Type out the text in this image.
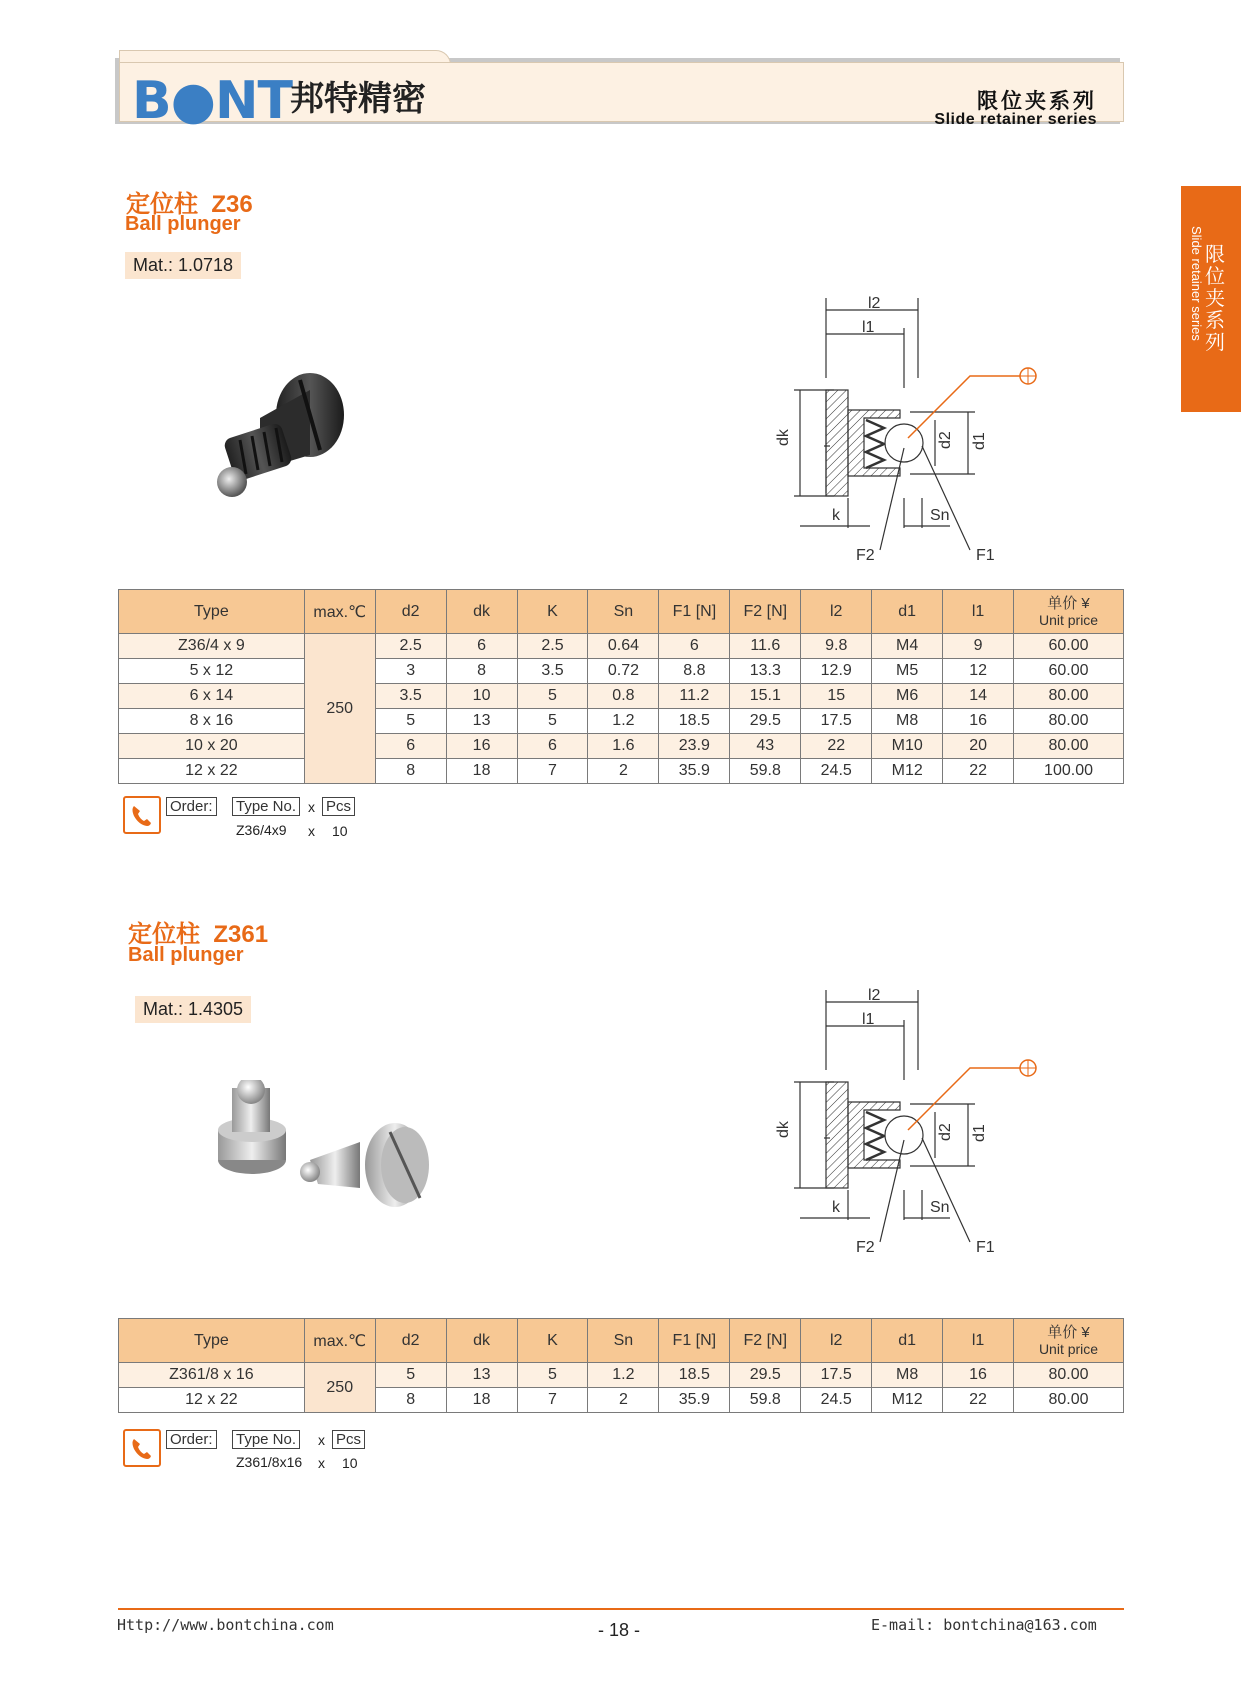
B●NT
邦特精密	限位夹系列
Slide retainer series
Slide retainer series 限位夹系列
定位柱 Z36
Ball plunger
Mat.: 1.0718
l2
l1
dk	d2 d1
k	Sn
F2	F1
Type	max.℃	d2	dk	K	Sn	F1 [N]	F2 [N]	l2	d1	l1	单价 ¥
Unit price

Z36/4 x 9	250	2.5	6	2.5	0.64	6	11.6	9.8	M4	9	60.00
5 x 12		3	8	3.5	0.72	8.8	13.3	12.9	M5	12	60.00
6 x 14		3.5	10	5	0.8	11.2	15.1	15	M6	14	80.00
8 x 16		5	13	5	1.2	18.5	29.5	17.5	M8	16	80.00
10 x 20		6	16	6	1.6	23.9	43	22	M10	20	80.00
12 x 22		8	18	7	2	35.9	59.8	24.5	M12	22	100.00
Order: Type No. x Pcs
Z36/4x9 x 10
定位柱 Z361
Ball plunger
Mat.: 1.4305
l2
l1
dk	d2 d1
k	Sn
F2	F1
Type	max.℃	d2	dk	K	Sn	F1 [N]	F2 [N]	l2	d1	l1	单价 ¥
Unit price

Z361/8 x 16	250	5	13	5	1.2	18.5	29.5	17.5	M8	16	80.00
12 x 22		8	18	7	2	35.9	59.8	24.5	M12	22	80.00
Order: Type No. x Pcs
Z361/8x16 x 10
Http://www.bontchina.com	- 18 -	E-mail: bontchina@163.com
